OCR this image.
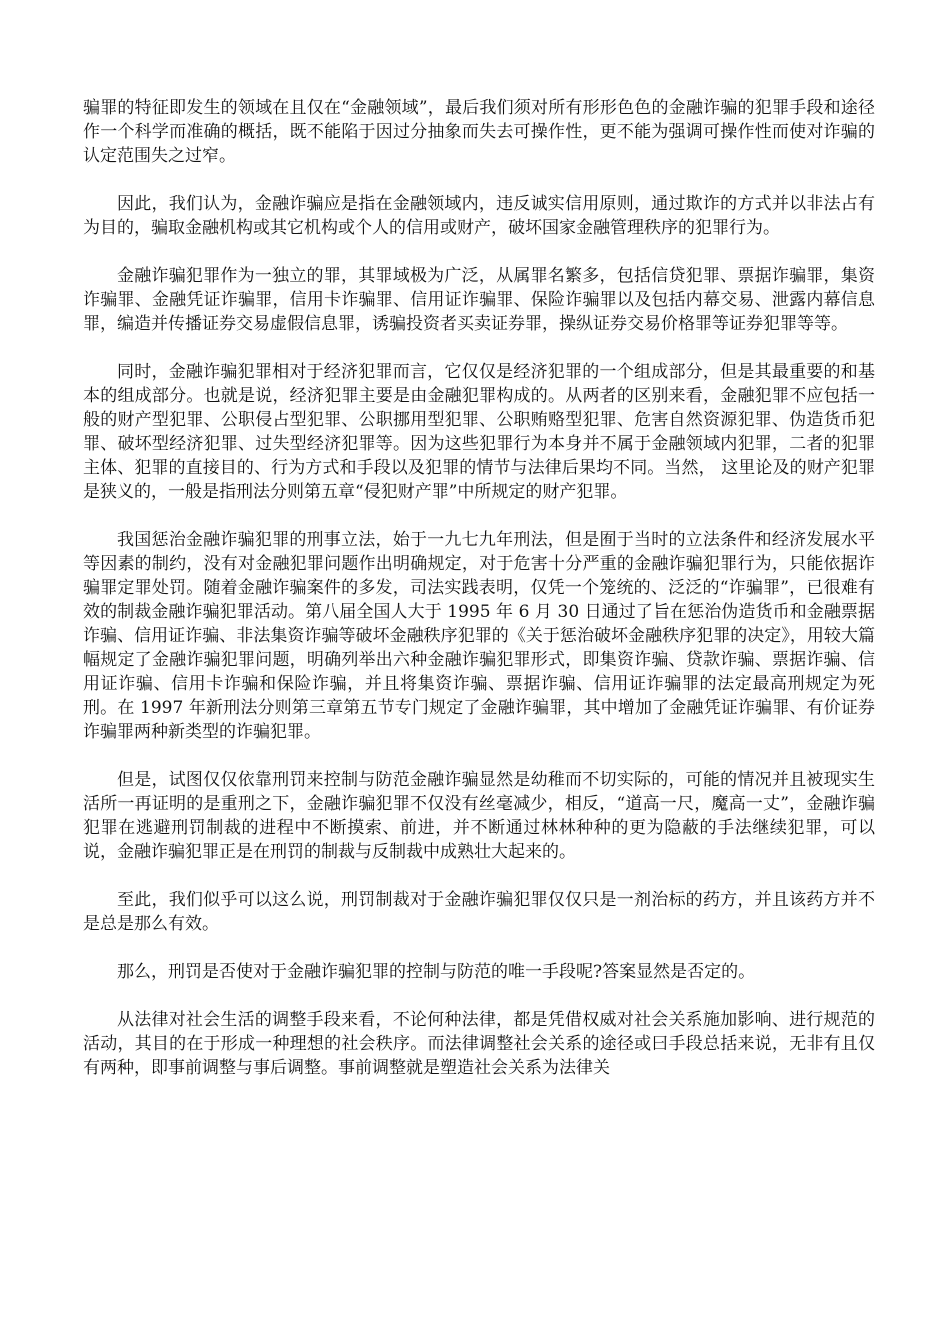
骗罪的特征即发生的领域在且仅在“金融领域”，最后我们须对所有形形色色的金融诈骗的犯罪手段和途径作一个科学而准确的概括，既不能陷于因过分抽象而失去可操作性，更不能为强调可操作性而使对诈骗的认定范围失之过窄。

因此，我们认为，金融诈骗应是指在金融领域内，违反诚实信用原则，通过欺诈的方式并以非法占有为目的，骗取金融机构或其它机构或个人的信用或财产，破坏国家金融管理秩序的犯罪行为。

金融诈骗犯罪作为一独立的罪，其罪域极为广泛，从属罪名繁多，包括信贷犯罪、票据诈骗罪，集资诈骗罪、金融凭证诈骗罪，信用卡诈骗罪、信用证诈骗罪、保险诈骗罪以及包括内幕交易、泄露内幕信息罪，编造并传播证券交易虚假信息罪，诱骗投资者买卖证券罪，操纵证券交易价格罪等证券犯罪等等。

同时，金融诈骗犯罪相对于经济犯罪而言，它仅仅是经济犯罪的一个组成部分，但是其最重要的和基本的组成部分。也就是说，经济犯罪主要是由金融犯罪构成的。从两者的区别来看，金融犯罪不应包括一般的财产型犯罪、公职侵占型犯罪、公职挪用型犯罪、公职贿赂型犯罪、危害自然资源犯罪、伪造货币犯罪、破坏型经济犯罪、过失型经济犯罪等。因为这些犯罪行为本身并不属于金融领域内犯罪，二者的犯罪主体、犯罪的直接目的、行为方式和手段以及犯罪的情节与法律后果均不同。当然， 这里论及的财产犯罪是狭义的，一般是指刑法分则第五章“侵犯财产罪”中所规定的财产犯罪。

我国惩治金融诈骗犯罪的刑事立法，始于一九七九年刑法，但是囿于当时的立法条件和经济发展水平等因素的制约，没有对金融犯罪问题作出明确规定，对于危害十分严重的金融诈骗犯罪行为，只能依据诈骗罪定罪处罚。随着金融诈骗案件的多发，司法实践表明，仅凭一个笼统的、泛泛的“诈骗罪”，已很难有效的制裁金融诈骗犯罪活动。第八届全国人大于 1995 年 6 月 30 日通过了旨在惩治伪造货币和金融票据诈骗、信用证诈骗、非法集资诈骗等破坏金融秩序犯罪的《关于惩治破坏金融秩序犯罪的决定》，用较大篇幅规定了金融诈骗犯罪问题，明确列举出六种金融诈骗犯罪形式，即集资诈骗、贷款诈骗、票据诈骗、信用证诈骗、信用卡诈骗和保险诈骗，并且将集资诈骗、票据诈骗、信用证诈骗罪的法定最高刑规定为死刑。在 1997 年新刑法分则第三章第五节专门规定了金融诈骗罪，其中增加了金融凭证诈骗罪、有价证券诈骗罪两种新类型的诈骗犯罪。

但是，试图仅仅依靠刑罚来控制与防范金融诈骗显然是幼稚而不切实际的，可能的情况并且被现实生活所一再证明的是重刑之下，金融诈骗犯罪不仅没有丝毫减少，相反，“道高一尺，魔高一丈”，金融诈骗犯罪在逃避刑罚制裁的进程中不断摸索、前进，并不断通过林林种种的更为隐蔽的手法继续犯罪，可以说，金融诈骗犯罪正是在刑罚的制裁与反制裁中成熟壮大起来的。

至此，我们似乎可以这么说，刑罚制裁对于金融诈骗犯罪仅仅只是一剂治标的药方，并且该药方并不是总是那么有效。

那么，刑罚是否使对于金融诈骗犯罪的控制与防范的唯一手段呢?答案显然是否定的。

从法律对社会生活的调整手段来看，不论何种法律，都是凭借权威对社会关系施加影响、进行规范的活动，其目的在于形成一种理想的社会秩序。而法律调整社会关系的途径或曰手段总括来说，无非有且仅有两种，即事前调整与事后调整。事前调整就是塑造社会关系为法律关
